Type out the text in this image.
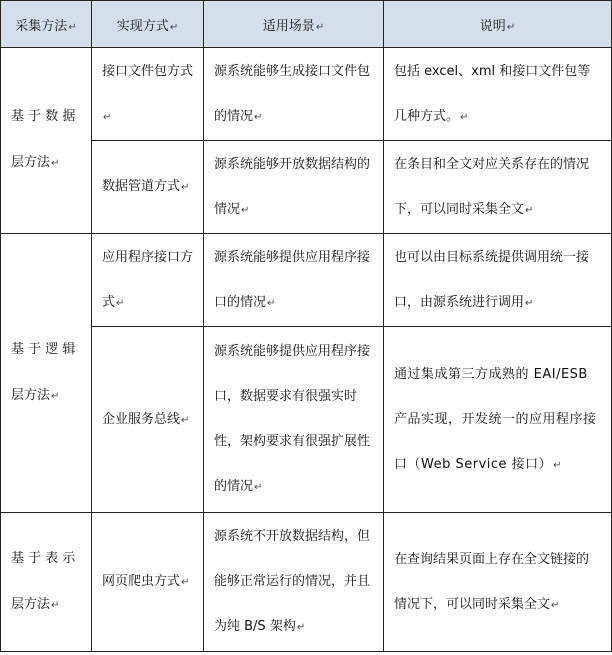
采集方法↵	实现方式↵	适用场景↵	说明↵
基 于 数 据 层方法↵	接口文件包方式↵	源系统能够生成接口文件包的情况↵	包括 excel、xml 和接口文件包等几种方式。↵
	数据管道方式↵	源系统能够开放数据结构的情况↵	在条目和全文对应关系存在的情况下，可以同时采集全文↵
基 于 逻 辑 层方法↵	应用程序接口方式↵	源系统能够提供应用程序接口的情况↵	也可以由目标系统提供调用统一接口，由源系统进行调用↵
	企业服务总线↵	源系统能够提供应用程序接口，数据要求有很强实时性，架构要求有很强扩展性的情况↵	通过集成第三方成熟的 EAI/ESB 产品实现，开发统一的应用程序接口（Web Service 接口）↵
基 于 表 示 层方法↵	网页爬虫方式↵	源系统不开放数据结构，但能够正常运行的情况，并且为纯 B/S 架构↵	在查询结果页面上存在全文链接的情况下，可以同时采集全文↵
